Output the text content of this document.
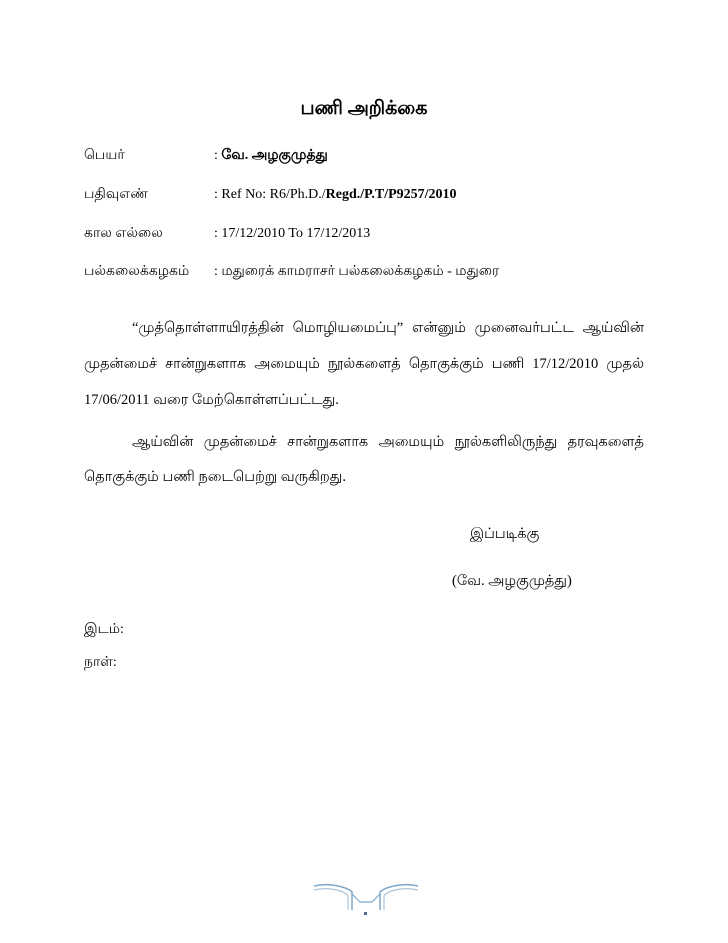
பணி அறிக்கை
பெயர்	: வே. அழகுமுத்து
பதிவுஎண்	: Ref No: R6/Ph.D./Regd./P.T/P9257/2010
கால எல்லை	: 17/12/2010 To 17/12/2013
பல்கலைக்கழகம் : மதுரைக் காமராசர் பல்கலைக்கழகம் - மதுரை
“முத்தொள்ளாயிரத்தின் மொழியமைப்பு” என்னும் முனைவர்பட்ட ஆய்வின்
முதன்மைச் சான்றுகளாக அமையும் நூல்களைத் தொகுக்கும் பணி 17/12/2010 முதல்
17/06/2011 வரை மேற்கொள்ளப்பட்டது.
ஆய்வின் முதன்மைச் சான்றுகளாக அமையும் நூல்களிலிருந்து தரவுகளைத்
தொகுக்கும் பணி நடைபெற்று வருகிறது.
இப்படிக்கு
(வே. அழகுமுத்து)
இடம்:
நாள்:
